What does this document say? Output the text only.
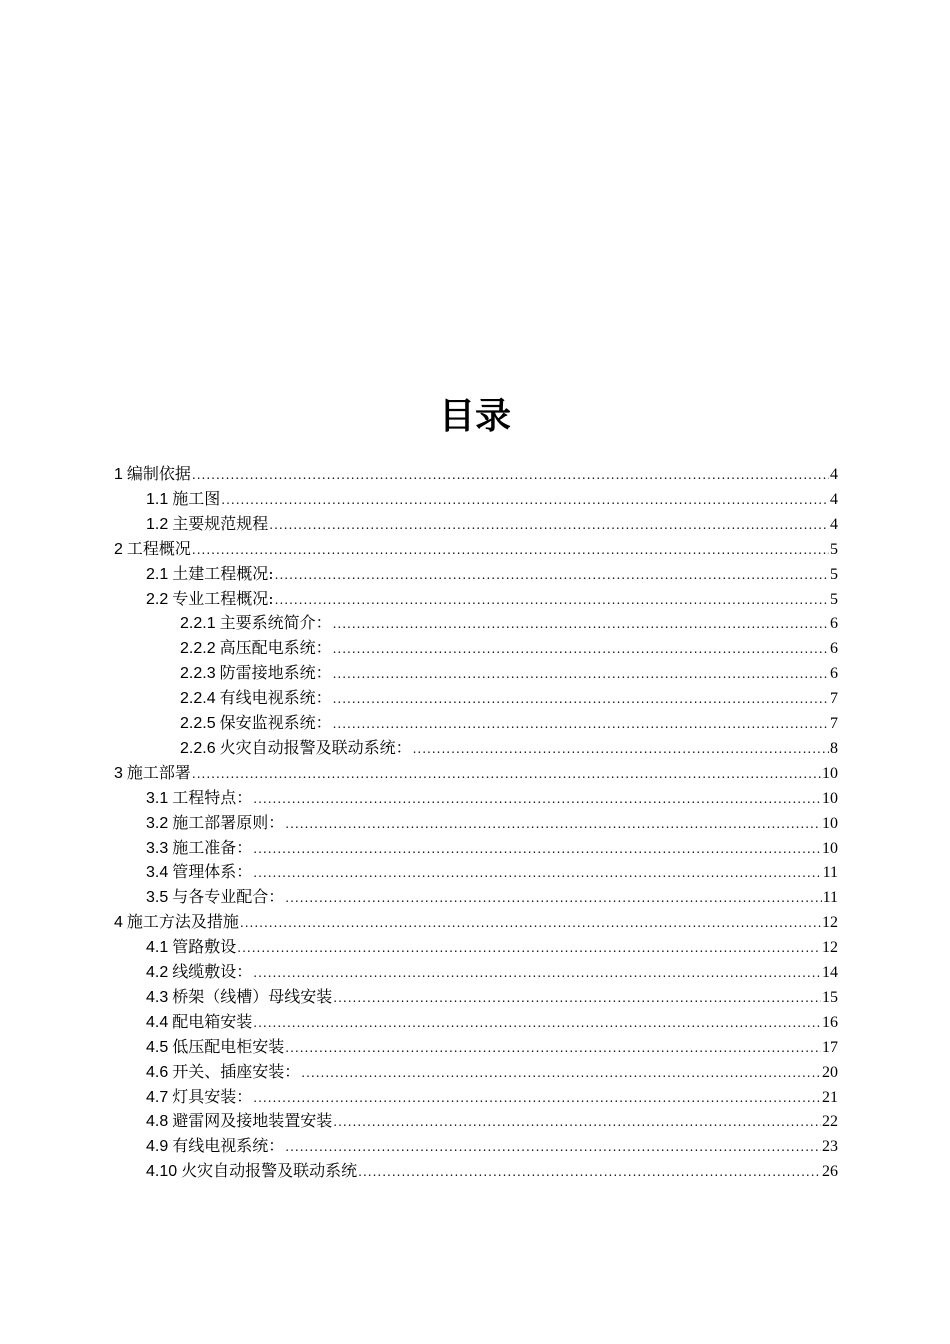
目录
1 编制依据 .....	4
1.1 施工图 .....	4
1.2 主要规范规程 .....	4
2 工程概况 .....	5
2.1 土建工程概况: .....	5
2.2 专业工程概况: .....	5
2.2.1 主要系统简介： .....	6
2.2.2 高压配电系统： .....	6
2.2.3 防雷接地系统： .....	6
2.2.4 有线电视系统： .....	7
2.2.5 保安监视系统： .....	7
2.2.6 火灾自动报警及联动系统： .....	8
3 施工部署 .....	10
3.1 工程特点： .....	10
3.2 施工部署原则： .....	10
3.3 施工准备： .....	10
3.4 管理体系： .....	11
3.5 与各专业配合： .....	11
4 施工方法及措施 .....	12
4.1 管路敷设 .....	12
4.2 线缆敷设： .....	14
4.3 桥架（线槽）母线安装 .....	15
4.4 配电箱安装 .....	16
4.5 低压配电柜安装 .....	17
4.6 开关、插座安装： .....	20
4.7 灯具安装： .....	21
4.8 避雷网及接地装置安装 .....	22
4.9 有线电视系统： .....	23
4.10 火灾自动报警及联动系统 .....	26
